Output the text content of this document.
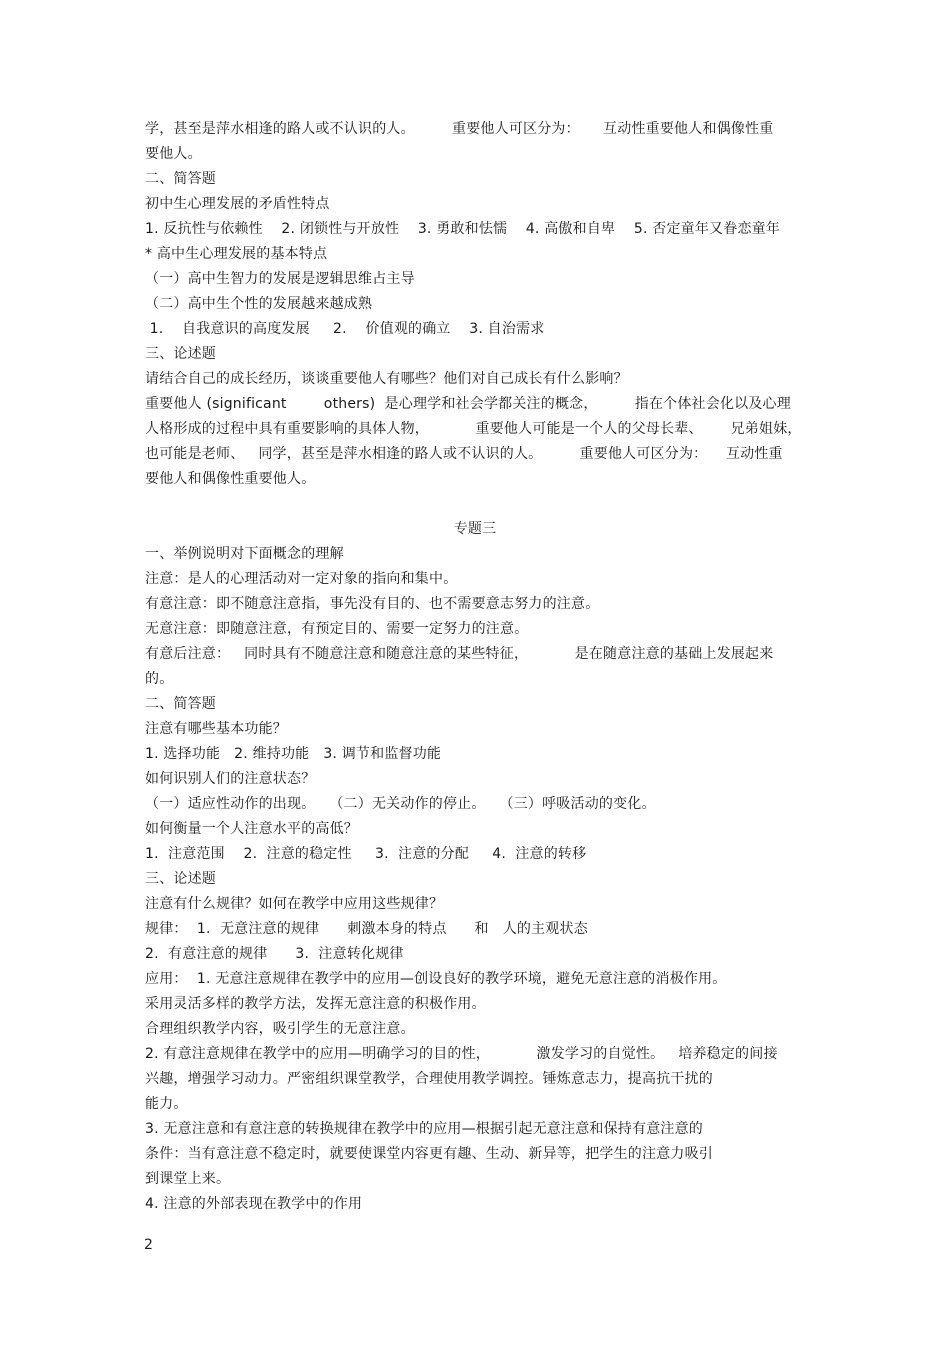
学，甚至是萍水相逢的路人或不认识的人。        重要他人可区分为：     互动性重要他人和偶像性重
要他人。
二、简答题
初中生心理发展的矛盾性特点
1. 反抗性与依赖性    2. 闭锁性与开放性    3. 勇敢和怯懦    4. 高傲和自卑    5. 否定童年又眷恋童年
* 高中生心理发展的基本特点
（一）高中生智力的发展是逻辑思维占主导
（二）高中生个性的发展越来越成熟
1.    自我意识的高度发展     2.    价值观的确立    3. 自治需求
三、论述题
请结合自己的成长经历，谈谈重要他人有哪些？他们对自己成长有什么影响？
重要他人 (significant        others)  是心理学和社会学都关注的概念，        指在个体社会化以及心理
人格形成的过程中具有重要影响的具体人物，          重要他人可能是一个人的父母长辈、      兄弟姐妹，
也可能是老师、   同学，甚至是萍水相逢的路人或不认识的人。        重要他人可区分为：    互动性重
要他人和偶像性重要他人。
专题三
一、举例说明对下面概念的理解
注意：是人的心理活动对一定对象的指向和集中。
有意注意：即不随意注意指，事先没有目的、也不需要意志努力的注意。
无意注意：即随意注意，有预定目的、需要一定努力的注意。
有意后注意：   同时具有不随意注意和随意注意的某些特征，          是在随意注意的基础上发展起来
的。
二、简答题
注意有哪些基本功能？
1. 选择功能   2. 维持功能   3. 调节和监督功能
如何识别人们的注意状态？
（一）适应性动作的出现。   （二）无关动作的停止。   （三）呼吸活动的变化。
如何衡量一个人注意水平的高低？
1.  注意范围    2.  注意的稳定性     3.  注意的分配     4.  注意的转移
三、论述题
注意有什么规律？如何在教学中应用这些规律？
规律：  1.  无意注意的规律      刺激本身的特点      和   人的主观状态
2.  有意注意的规律      3.  注意转化规律
应用：  1. 无意注意规律在教学中的应用—创设良好的教学环境，避免无意注意的消极作用。
采用灵活多样的教学方法，发挥无意注意的积极作用。
合理组织教学内容，吸引学生的无意注意。
2. 有意注意规律在教学中的应用—明确学习的目的性，          激发学习的自觉性。   培养稳定的间接
兴趣，增强学习动力。严密组织课堂教学，合理使用教学调控。锤炼意志力，提高抗干扰的
能力。
3. 无意注意和有意注意的转换规律在教学中的应用—根据引起无意注意和保持有意注意的
条件：当有意注意不稳定时，就要使课堂内容更有趣、生动、新异等，把学生的注意力吸引
到课堂上来。
4. 注意的外部表现在教学中的作用
2
